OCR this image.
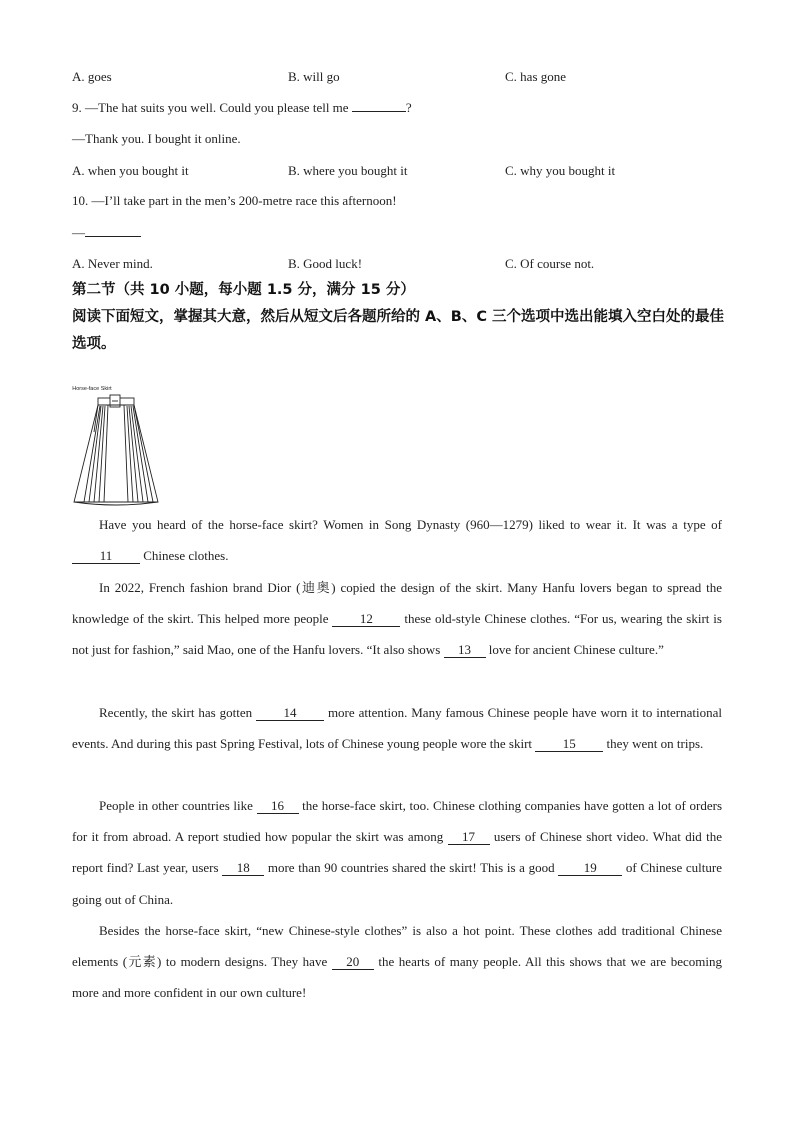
A. goes	B. will go	C. has gone
9. —The hat suits you well. Could you please tell me	?
—Thank you. I bought it online.
A. when you bought it	B. where you bought it	C. why you bought it
10. —I’ll take part in the men’s 200-metre race this afternoon!
—
A. Never mind.	B. Good luck!	C. Of course not.
第二节（共 10 小题，每小题 1.5 分，满分 15 分）
阅读下面短文，掌握其大意，然后从短文后各题所给的 A、B、C 三个选项中选出能填入空白处的最佳选项。
Horse-face Skirt
Have you heard of the horse-face skirt? Women in Song Dynasty (960—1279) liked to wear it. It was a type of 11 Chinese clothes.
In 2022, French fashion brand Dior (迪奥) copied the design of the skirt. Many Hanfu lovers began to spread the knowledge of the skirt. This helped more people 12 these old-style Chinese clothes. “For us, wearing the skirt is not just for fashion,” said Mao, one of the Hanfu lovers. “It also shows 13 love for ancient Chinese culture.”
Recently, the skirt has gotten 14 more attention. Many famous Chinese people have worn it to international events. And during this past Spring Festival, lots of Chinese young people wore the skirt 15 they went on trips.
People in other countries like 16 the horse-face skirt, too. Chinese clothing companies have gotten a lot of orders for it from abroad. A report studied how popular the skirt was among 17 users of Chinese short video. What did the report find? Last year, users 18 more than 90 countries shared the skirt! This is a good 19 of Chinese culture going out of China.
Besides the horse-face skirt, “new Chinese-style clothes” is also a hot point. These clothes add traditional Chinese elements (元素) to modern designs. They have 20 the hearts of many people. All this shows that we are becoming more and more confident in our own culture!
